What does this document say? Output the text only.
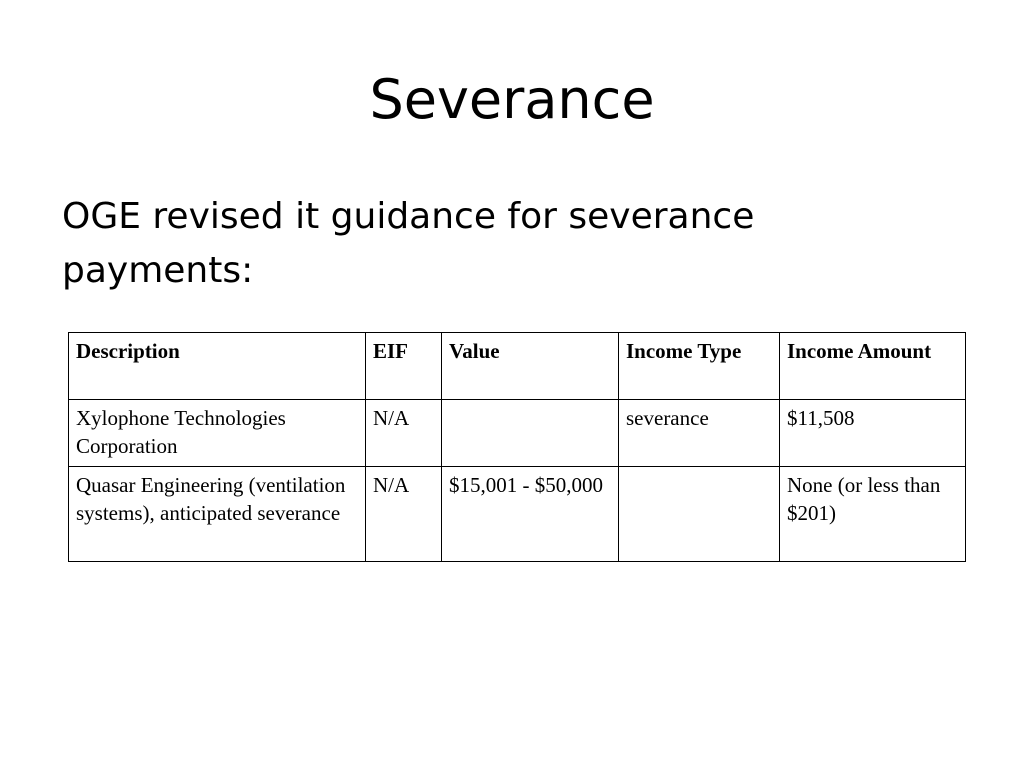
Severance

OGE revised it guidance for severance payments:

Description	EIF	Value	Income Type	Income Amount
Xylophone Technologies Corporation	N/A		severance	$11,508
Quasar Engineering (ventilation systems), anticipated severance	N/A	$15,001 - $50,000		None (or less than $201)
